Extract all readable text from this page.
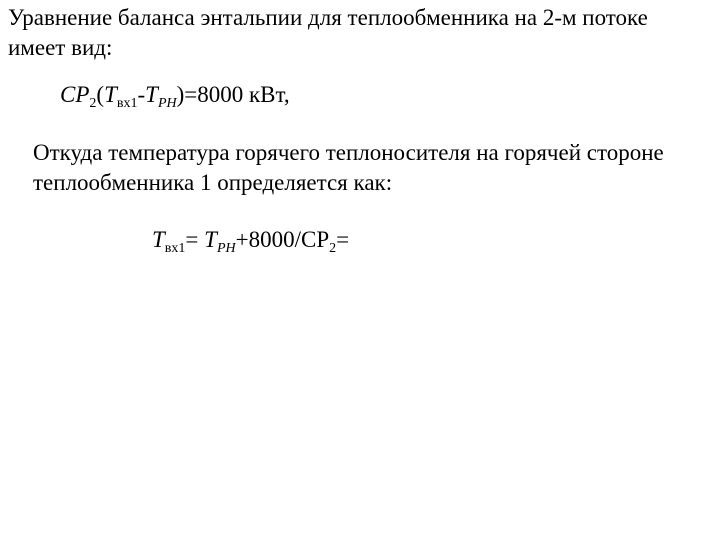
Уравнение баланса энтальпии для теплообменника на 2-м потоке имеет вид:

$CP_2(T_{вх1}-T_{PH})=8000$ кВт,

Откуда температура горячего теплоносителя на горячей стороне теплообменника 1 определяется как:

$T_{вх1}= T_{PH}+8000/CP_2=$
